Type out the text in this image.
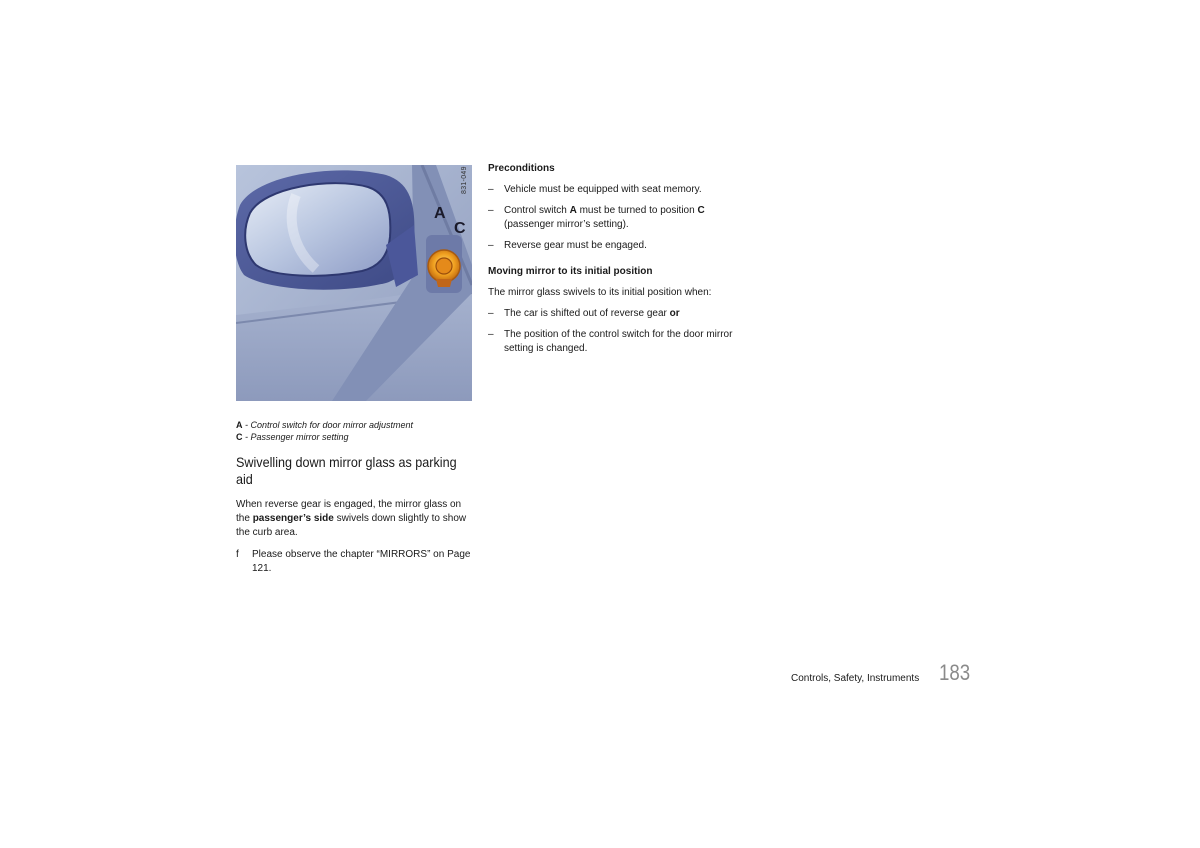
A
C
831-049
A - Control switch for door mirror adjustment
C - Passenger mirror setting
Swivelling down mirror glass as parking aid
When reverse gear is engaged, the mirror glass on the passenger’s side swivels down slightly to show the curb area.
f	Please observe the chapter “MIRRORS” on Page 121.
Preconditions
–	Vehicle must be equipped with seat memory.
–	Control switch A must be turned to position C (passenger mirror’s setting).
–	Reverse gear must be engaged.
Moving mirror to its initial position
The mirror glass swivels to its initial position when:
–	The car is shifted out of reverse gear or
–	The position of the control switch for the door mirror setting is changed.
Controls, Safety, Instruments 183
